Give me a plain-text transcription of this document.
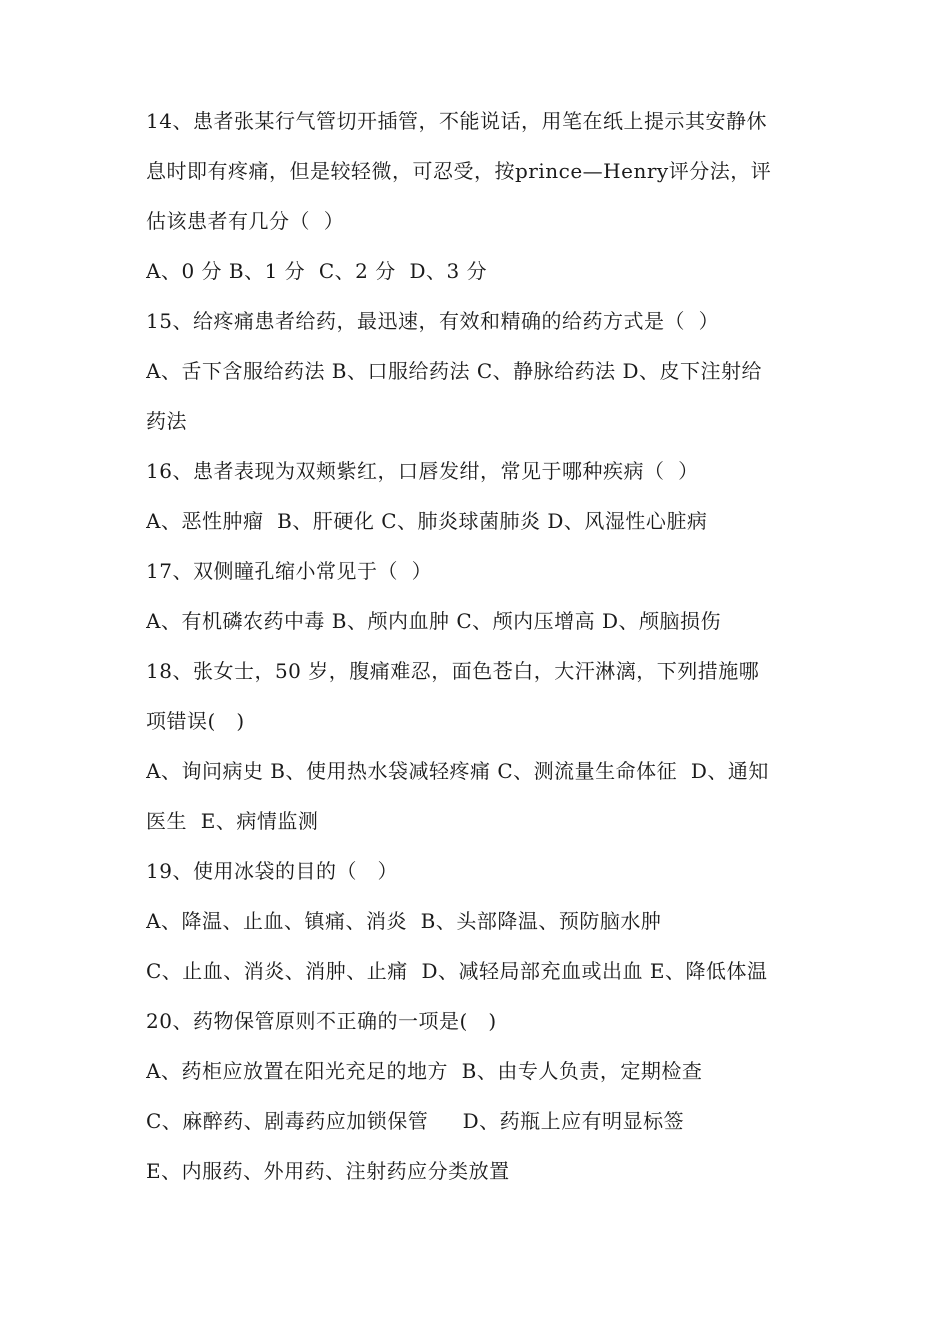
14、患者张某行气管切开插管，不能说话，用笔在纸上提示其安静休
息时即有疼痛，但是较轻微，可忍受，按prince—Henry评分法，评
估该患者有几分（  ）
A、0 分 B、1 分  C、2 分  D、3 分
15、给疼痛患者给药，最迅速，有效和精确的给药方式是（  ）
A、舌下含服给药法 B、口服给药法 C、静脉给药法 D、皮下注射给
药法
16、患者表现为双颊紫红，口唇发绀，常见于哪种疾病（  ）
A、恶性肿瘤  B、肝硬化 C、肺炎球菌肺炎 D、风湿性心脏病
17、双侧瞳孔缩小常见于（  ）
A、有机磷农药中毒 B、颅内血肿 C、颅内压增高 D、颅脑损伤
18、张女士，50 岁，腹痛难忍，面色苍白，大汗淋漓，下列措施哪
项错误(   )
A、询问病史 B、使用热水袋减轻疼痛 C、测流量生命体征  D、通知
医生  E、病情监测
19、使用冰袋的目的（   ）
A、降温、止血、镇痛、消炎  B、头部降温、预防脑水肿
C、止血、消炎、消肿、止痛  D、减轻局部充血或出血 E、降低体温
20、药物保管原则不正确的一项是(   )
A、药柜应放置在阳光充足的地方  B、由专人负责，定期检查
C、麻醉药、剧毒药应加锁保管     D、药瓶上应有明显标签
E、内服药、外用药、注射药应分类放置
